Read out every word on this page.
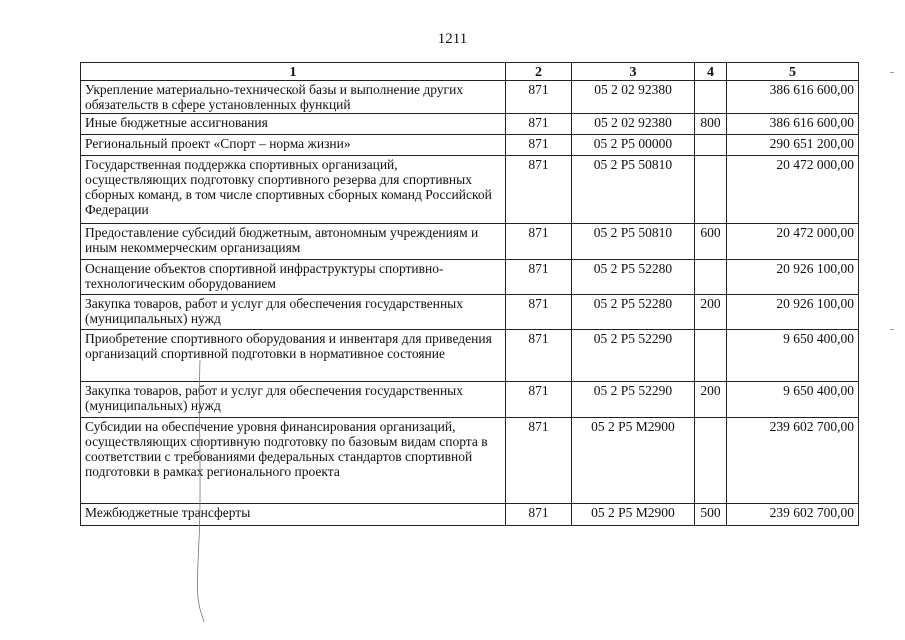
1211
1	2	3	4	5
Укрепление материально-технической базы и выполнение других обязательств в сфере установленных функций	871	05 2 02 92380		386 616 600,00
Иные бюджетные ассигнования	871	05 2 02 92380	800	386 616 600,00
Региональный проект «Спорт – норма жизни»	871	05 2 P5 00000		290 651 200,00
Государственная поддержка спортивных организаций, осуществляющих подготовку спортивного резерва для спортивных сборных команд, в том числе спортивных сборных команд Российской Федерации	871	05 2 P5 50810		20 472 000,00
Предоставление субсидий бюджетным, автономным учреждениям и иным некоммерческим организациям	871	05 2 P5 50810	600	20 472 000,00
Оснащение объектов спортивной инфраструктуры спортивно-технологическим оборудованием	871	05 2 P5 52280		20 926 100,00
Закупка товаров, работ и услуг для обеспечения государственных (муниципальных) нужд	871	05 2 P5 52280	200	20 926 100,00
Приобретение спортивного оборудования и инвентаря для приведения организаций спортивной подготовки в нормативное состояние	871	05 2 P5 52290		9 650 400,00
Закупка товаров, работ и услуг для обеспечения государственных (муниципальных) нужд	871	05 2 P5 52290	200	9 650 400,00
Субсидии на обеспечение уровня финансирования организаций, осуществляющих спортивную подготовку по базовым видам спорта в соответствии с требованиями федеральных стандартов спортивной подготовки в рамках регионального проекта	871	05 2 P5 M2900		239 602 700,00
Межбюджетные трансферты	871	05 2 P5 M2900	500	239 602 700,00
ˉ
ˉ
